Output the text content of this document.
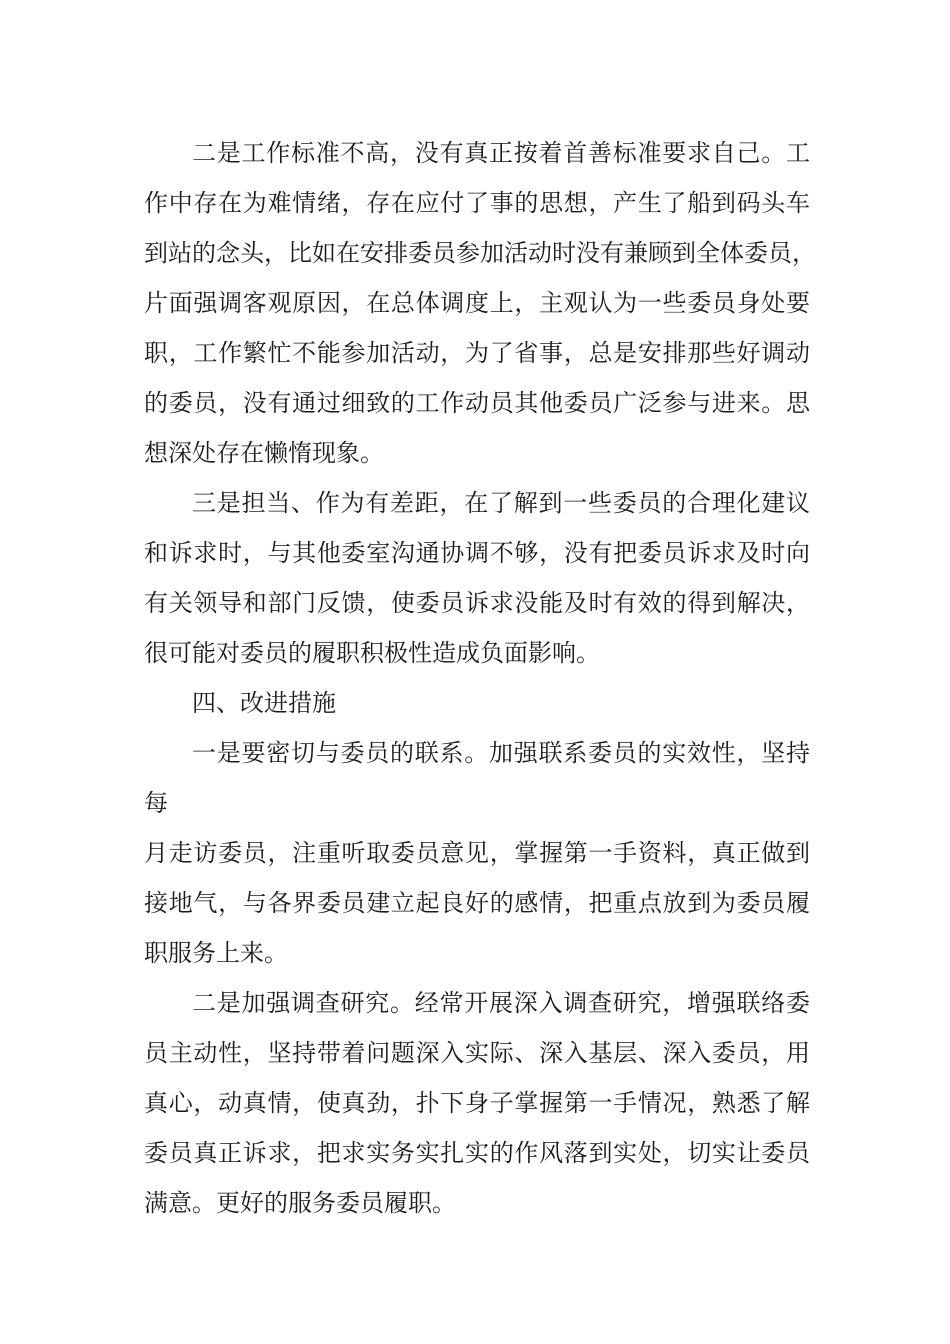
二是工作标准不高，没有真正按着首善标准要求自己。工
作中存在为难情绪，存在应付了事的思想，产生了船到码头车
到站的念头，比如在安排委员参加活动时没有兼顾到全体委员，
片面强调客观原因，在总体调度上，主观认为一些委员身处要
职，工作繁忙不能参加活动，为了省事，总是安排那些好调动
的委员，没有通过细致的工作动员其他委员广泛参与进来。思
想深处存在懒惰现象。
三是担当、作为有差距，在了解到一些委员的合理化建议
和诉求时，与其他委室沟通协调不够，没有把委员诉求及时向
有关领导和部门反馈，使委员诉求没能及时有效的得到解决，
很可能对委员的履职积极性造成负面影响。
四、改进措施
一是要密切与委员的联系。加强联系委员的实效性，坚持
每
月走访委员，注重听取委员意见，掌握第一手资料，真正做到
接地气，与各界委员建立起良好的感情，把重点放到为委员履
职服务上来。
二是加强调查研究。经常开展深入调查研究，增强联络委
员主动性，坚持带着问题深入实际、深入基层、深入委员，用
真心，动真情，使真劲，扑下身子掌握第一手情况，熟悉了解
委员真正诉求，把求实务实扎实的作风落到实处，切实让委员
满意。更好的服务委员履职。
